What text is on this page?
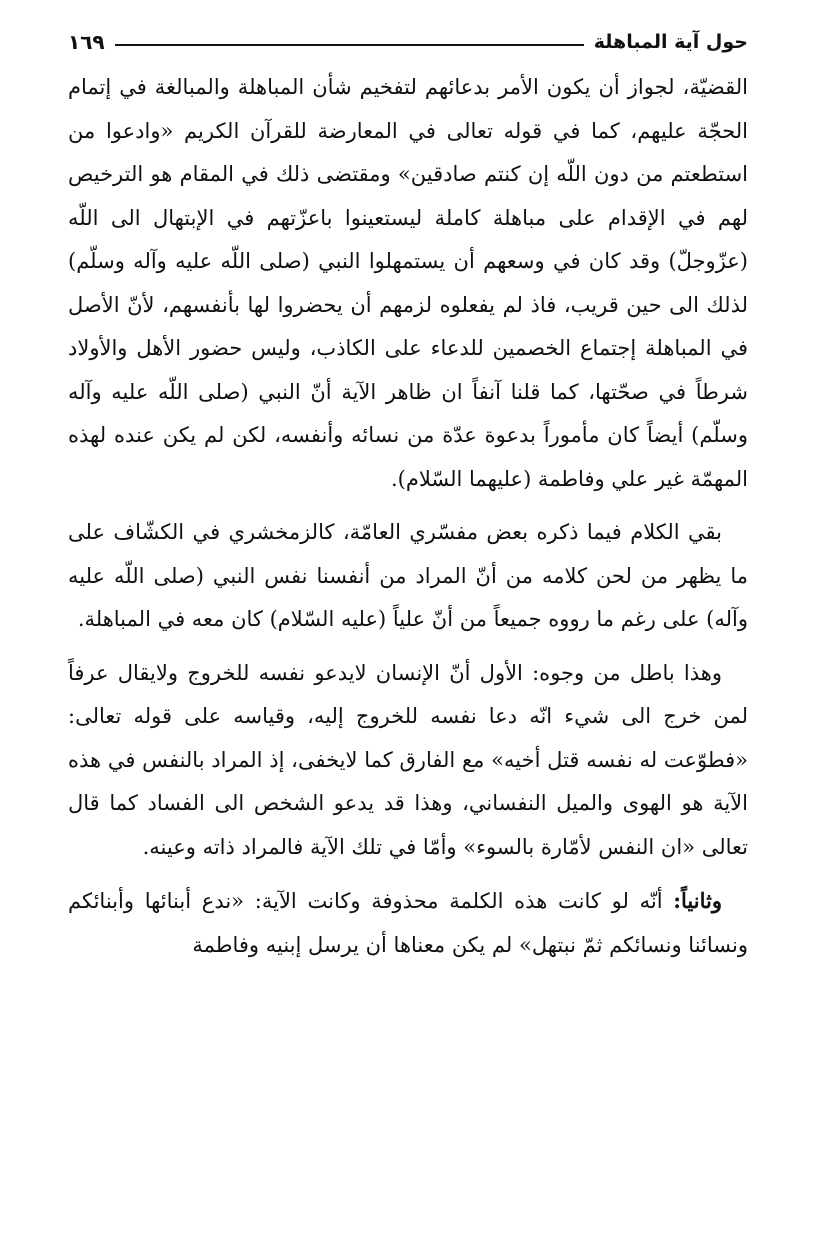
حول آية المباهلة
١٦٩

القضيّة، لجواز أن يكون الأمر بدعائهم لتفخيم شأن المباهلة والمبالغة في إتمام الحجّة عليهم، كما في قوله تعالى في المعارضة للقرآن الكريم «وادعوا من استطعتم من دون اللّه إن كنتم صادقين» ومقتضى ذلك في المقام هو الترخيص لهم في الإقدام على مباهلة كاملة ليستعينوا باعزّتهم في الإبتهال الى اللّه (عزّوجلّ) وقد كان في وسعهم أن يستمهلوا النبي (صلى اللّه عليه وآله وسلّم) لذلك الى حين قريب، فاذ لم يفعلوه لزمهم أن يحضروا لها بأنفسهم، لأنّ الأصل في المباهلة إجتماع الخصمين للدعاء على الكاذب، وليس حضور الأهل والأولاد شرطاً في صحّتها، كما قلنا آنفاً ان ظاهر الآية أنّ النبي (صلى اللّه عليه وآله وسلّم) أيضاً كان مأموراً بدعوة عدّة من نسائه وأنفسه، لكن لم يكن عنده لهذه المهمّة غير علي وفاطمة (عليهما السّلام).

بقي الكلام فيما ذكره بعض مفسّري العامّة، كالزمخشري في الكشّاف على ما يظهر من لحن كلامه من أنّ المراد من أنفسنا نفس النبي (صلى اللّه عليه وآله) على رغم ما رووه جميعاً من أنّ علياً (عليه السّلام) كان معه في المباهلة.

وهذا باطل من وجوه: الأول أنّ الإنسان لايدعو نفسه للخروج ولايقال عرفاً لمن خرج الى شيء انّه دعا نفسه للخروج إليه، وقياسه على قوله تعالى: «فطوّعت له نفسه قتل أخيه» مع الفارق كما لايخفى، إذ المراد بالنفس في هذه الآية هو الهوى والميل النفساني، وهذا قد يدعو الشخص الى الفساد كما قال تعالى «ان النفس لأمّارة بالسوء» وأمّا في تلك الآية فالمراد ذاته وعينه.

وثانياً: أنّه لو كانت هذه الكلمة محذوفة وكانت الآية: «ندع أبنائها وأبنائكم ونسائنا ونسائكم ثمّ نبتهل» لم يكن معناها أن يرسل إبنيه وفاطمة
